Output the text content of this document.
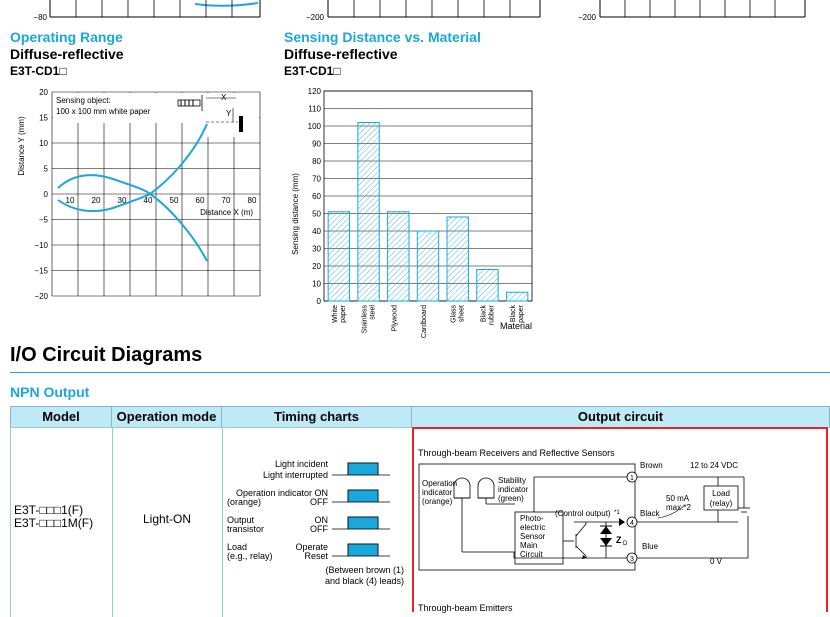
−80	−200	−200
Operating Range
Diffuse-reflective
E3T-CD1□
Distance Y (mm)
20
15
10
5
0
−5
−10
−15
−20
10 20 30 40 50 60 70 80
Distance X (m)
Sensing object:
100 x 100 mm white paper
X
Y
Sensing Distance vs. Material
Diffuse-reflective
E3T-CD1□
Sensing distance (mm)
120
110
100
90
80
70
60
50
40
30
20
10
0
White paper Stainless steel Plywood	Cardboard	Glass sheet Black rubber Black paper
Material
I/O Circuit Diagrams
NPN Output
Model	Operation mode	Timing charts	Output circuit
E3T-□□□1(F)
E3T-□□□1M(F)	Light-ON
Light incident
Light interrupted
Operation indicator ON
OFF
ON
OFF
Operate
Reset
(orange)
Output
transistor
Load
(e.g., relay)
(Between brown (1)
and black (4) leads)
Through-beam Receivers and Reflective Sensors
Operation
indicator
(orange)
Stability
indicator
(green)
Photo-
electric
Sensor
Main
Circuit
(Control output)
Z D
*1
1
4
3
Load
(relay)
Brown	12 to 24 VDC
50 mA
max.*2
Black
Blue
0 V
Through-beam Emitters
